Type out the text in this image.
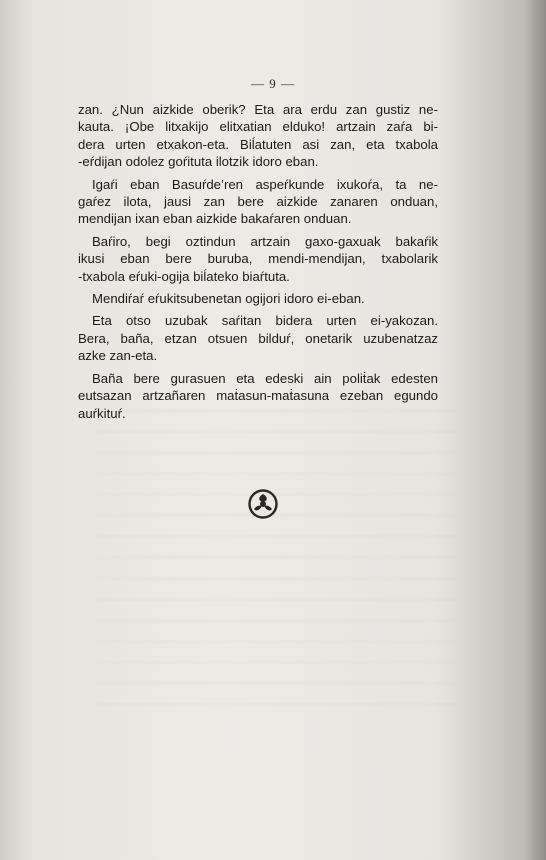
— 9 —

zan. ¿Nun aizkide oberik? Eta ara erdu zan gustiz ne-
kauta. ¡Obe litxakijo elitxatian elduko! artzain zaŕa bi-
dera urten etxakon-eta. Biĺatuten asi zan, eta txabola
-eŕdijan odolez goŕituta ilotzik idoro eban.

Igaŕi eban Basuŕde’ren aspeŕkunde ixukoŕa, ta ne-
gaŕez ilota, jausi zan bere aizkide zanaren onduan,
mendijan ixan eban aizkide bakaŕaren onduan.

Baŕiro, begi oztindun artzain gaxo-gaxuak bakaŕik
ikusi eban bere buruba, mendi-mendijan, txabolarik
-txabola eŕuki-ogija biĺateko biaŕtuta.

Mendiŕaŕ eŕukitsubenetan ogijori idoro ei-eban.

Eta otso uzubak saŕitan bidera urten ei-yakozan.
Bera, baña, etzan otsuen bilduŕ, onetarik uzubenatzaz
azke zan-eta.

Baña bere gurasuen eta edeski ain poliṫak edesten
eutsazan artzañaren maṫasun-maṫasuna ezeban egundo
auŕkituŕ.
